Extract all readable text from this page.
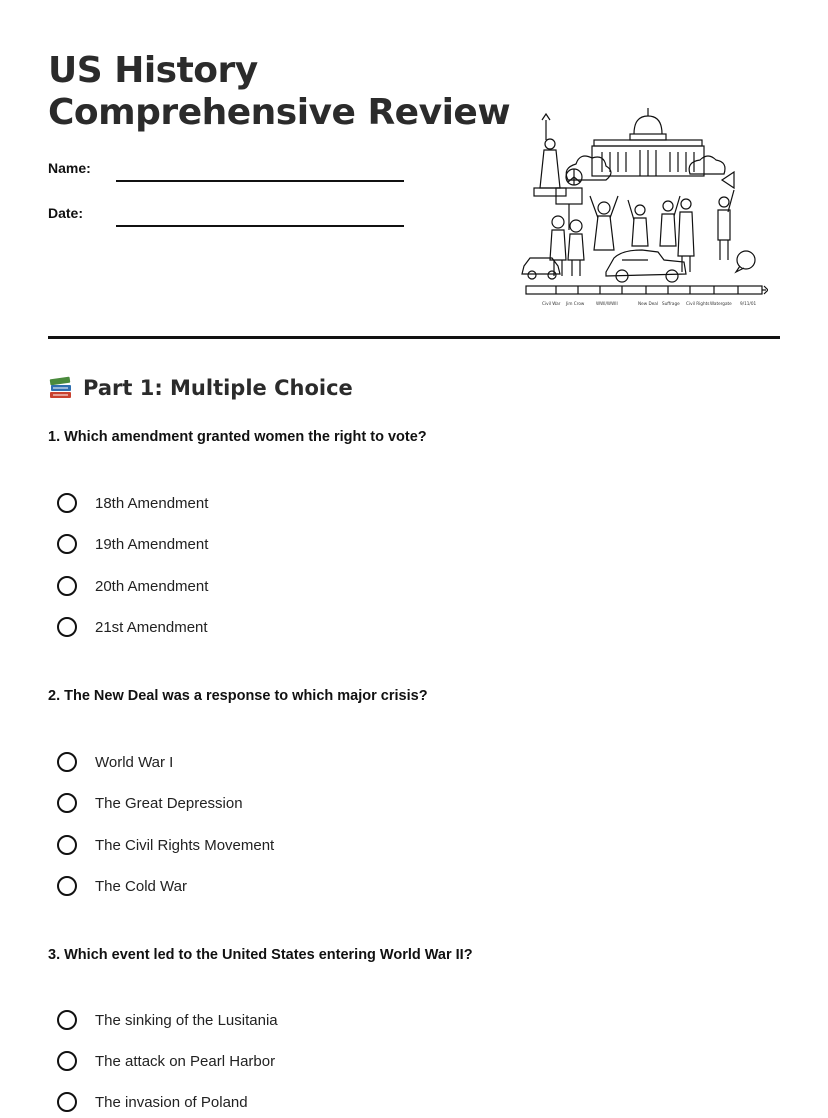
US History
Comprehensive Review
Name:
Date:
Civil War Jim Crow	WWI/WWII	New Deal Suffrage Civil Rights Watergate 9/11/01
Part 1: Multiple Choice
1. Which amendment granted women the right to vote?
18th Amendment
19th Amendment
20th Amendment
21st Amendment
2. The New Deal was a response to which major crisis?
World War I
The Great Depression
The Civil Rights Movement
The Cold War
3. Which event led to the United States entering World War II?
The sinking of the Lusitania
The attack on Pearl Harbor
The invasion of Poland
